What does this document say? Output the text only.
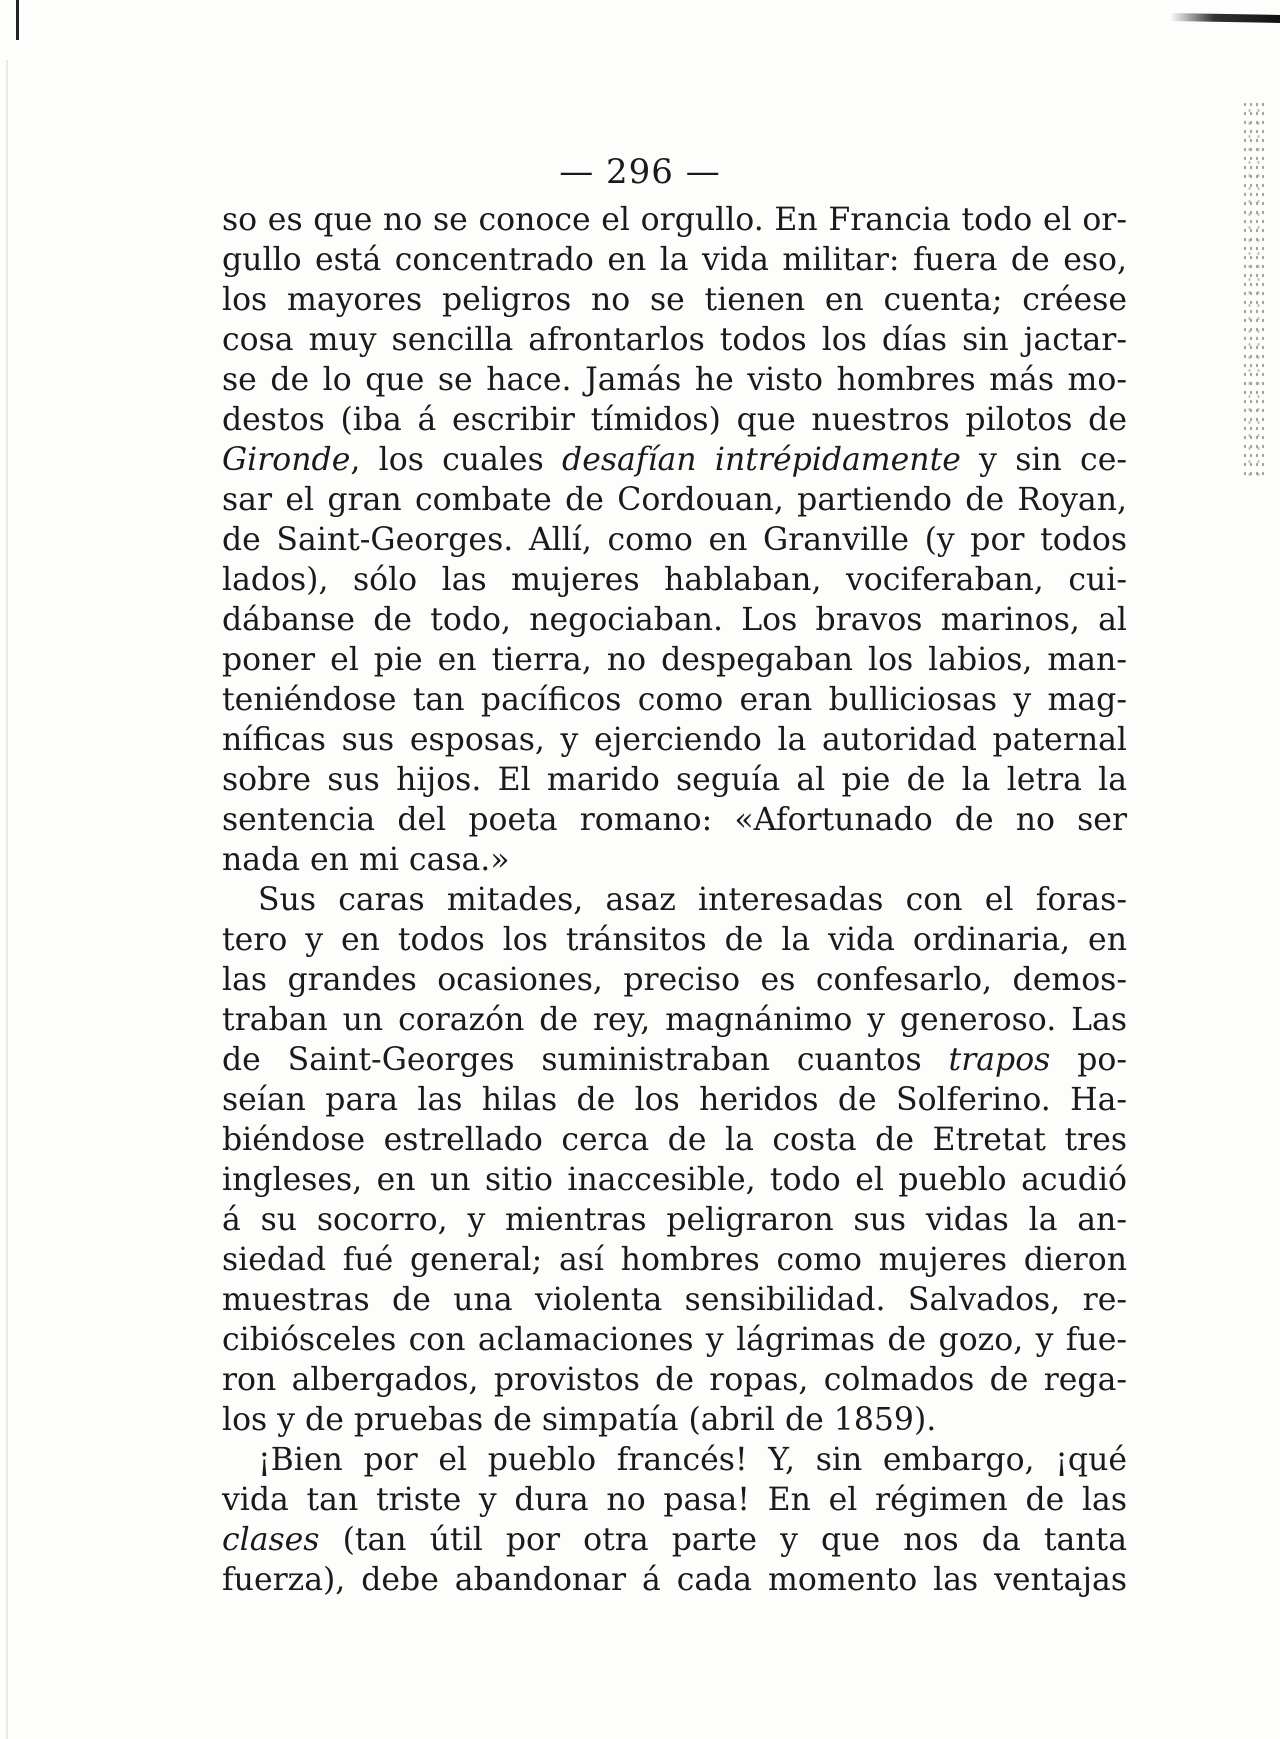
— 296 —
so es que no se conoce el orgullo. En Francia todo el or-
gullo está concentrado en la vida militar: fuera de eso,
los mayores peligros no se tienen en cuenta; créese
cosa muy sencilla afrontarlos todos los días sin jactar-
se de lo que se hace. Jamás he visto hombres más mo-
destos (iba á escribir tímidos) que nuestros pilotos de
Gironde, los cuales desafían intrépidamente y sin ce-
sar el gran combate de Cordouan, partiendo de Royan,
de Saint-Georges. Allí, como en Granville (y por todos
lados), sólo las mujeres hablaban, vociferaban, cui-
dábanse de todo, negociaban. Los bravos marinos, al
poner el pie en tierra, no despegaban los labios, man-
teniéndose tan pacíficos como eran bulliciosas y mag-
níficas sus esposas, y ejerciendo la autoridad paternal
sobre sus hijos. El marido seguía al pie de la letra la
sentencia del poeta romano: «Afortunado de no ser
nada en mi casa.»
Sus caras mitades, asaz interesadas con el foras-
tero y en todos los tránsitos de la vida ordinaria, en
las grandes ocasiones, preciso es confesarlo, demos-
traban un corazón de rey, magnánimo y generoso. Las
de Saint-Georges suministraban cuantos trapos po-
seían para las hilas de los heridos de Solferino. Ha-
biéndose estrellado cerca de la costa de Etretat tres
ingleses, en un sitio inaccesible, todo el pueblo acudió
á su socorro, y mientras peligraron sus vidas la an-
siedad fué general; así hombres como mujeres dieron
muestras de una violenta sensibilidad. Salvados, re-
cibiósceles con aclamaciones y lágrimas de gozo, y fue-
ron albergados, provistos de ropas, colmados de rega-
los y de pruebas de simpatía (abril de 1859).
¡Bien por el pueblo francés! Y, sin embargo, ¡qué
vida tan triste y dura no pasa! En el régimen de las
clases (tan útil por otra parte y que nos da tanta
fuerza), debe abandonar á cada momento las ventajas
